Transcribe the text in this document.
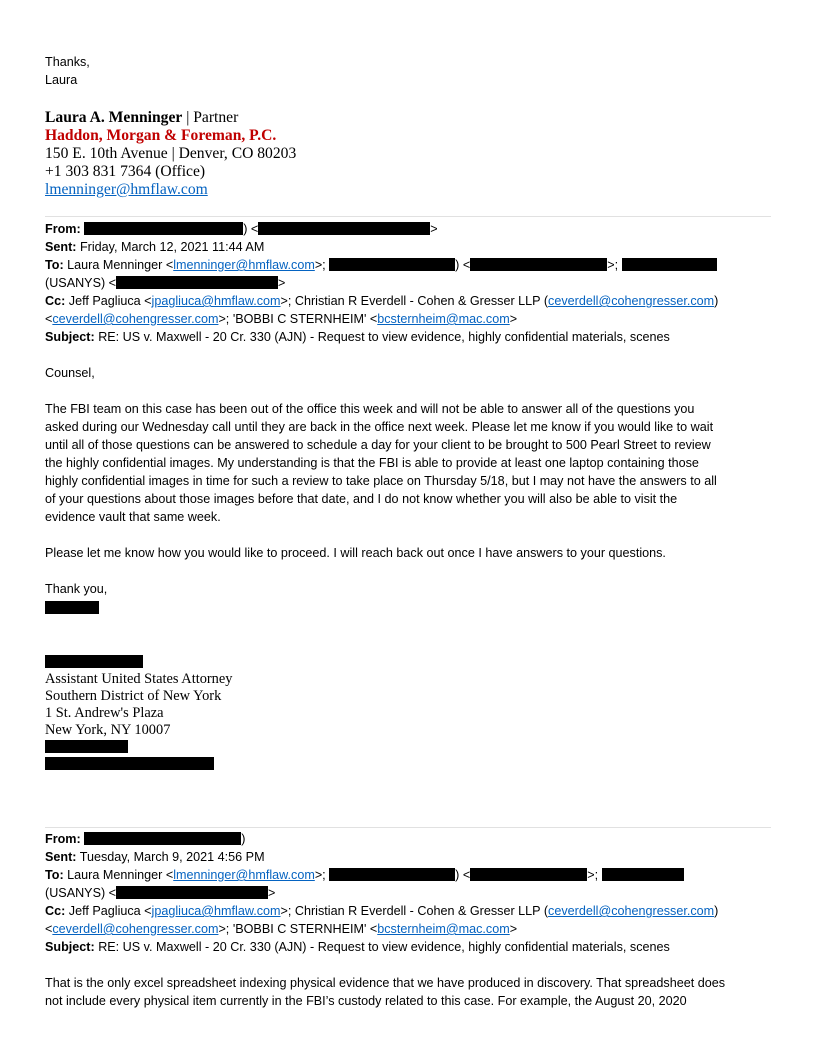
Thanks,
Laura
Laura A. Menninger | Partner
Haddon, Morgan & Foreman, P.C.
150 E. 10th Avenue | Denver, CO 80203
+1 303 831 7364 (Office)
lmenninger@hmflaw.com
From:	) <	>
Sent: Friday, March 12, 2021 11:44 AM
To: Laura Menninger <lmenninger@hmflaw.com>;	) <	>;
(USANYS) <	>
Cc: Jeff Pagliuca <jpagliuca@hmflaw.com>; Christian R Everdell - Cohen & Gresser LLP (ceverdell@cohengresser.com)
<ceverdell@cohengresser.com>; 'BOBBI C STERNHEIM' <bcsternheim@mac.com>
Subject: RE: US v. Maxwell - 20 Cr. 330 (AJN) - Request to view evidence, highly confidential materials, scenes
Counsel,
The FBI team on this case has been out of the office this week and will not be able to answer all of the questions you
asked during our Wednesday call until they are back in the office next week. Please let me know if you would like to wait
until all of those questions can be answered to schedule a day for your client to be brought to 500 Pearl Street to review
the highly confidential images. My understanding is that the FBI is able to provide at least one laptop containing those
highly confidential images in time for such a review to take place on Thursday 5/18, but I may not have the answers to all
of your questions about those images before that date, and I do not know whether you will also be able to visit the
evidence vault that same week.
Please let me know how you would like to proceed. I will reach back out once I have answers to your questions.
Thank you,
Assistant United States Attorney
Southern District of New York
1 St. Andrew's Plaza
New York, NY 10007
From:	)
Sent: Tuesday, March 9, 2021 4:56 PM
To: Laura Menninger <lmenninger@hmflaw.com>;	) <	>;
(USANYS) <	>
Cc: Jeff Pagliuca <jpagliuca@hmflaw.com>; Christian R Everdell - Cohen & Gresser LLP (ceverdell@cohengresser.com)
<ceverdell@cohengresser.com>; 'BOBBI C STERNHEIM' <bcsternheim@mac.com>
Subject: RE: US v. Maxwell - 20 Cr. 330 (AJN) - Request to view evidence, highly confidential materials, scenes
That is the only excel spreadsheet indexing physical evidence that we have produced in discovery. That spreadsheet does
not include every physical item currently in the FBI’s custody related to this case. For example, the August 20, 2020
